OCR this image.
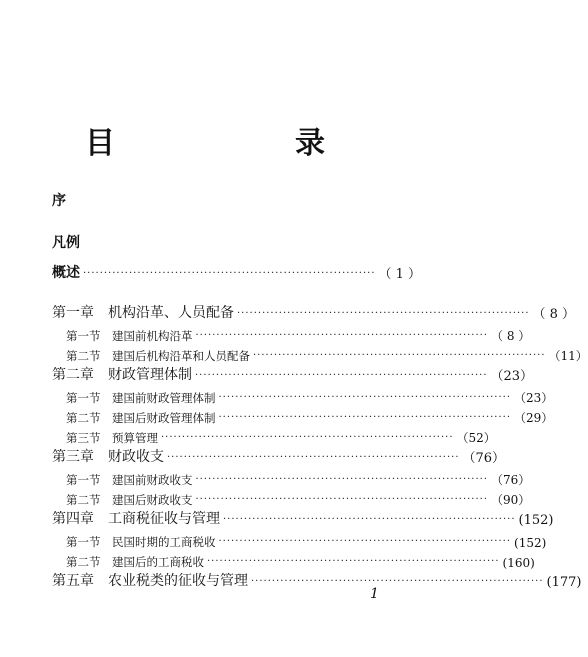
目　　录
序
凡例
概述 ······································································ （ 1 ）
第一章　机构沿革、人员配备 ······································································ （ 8 ）
第一节　建国前机构沿革 ······································································ （ 8 ）
第二节　建国后机构沿革和人员配备 ······································································ （11）
第二章　财政管理体制 ······································································ （23）
第一节　建国前财政管理体制 ······································································ （23）
第二节　建国后财政管理体制 ······································································ （29）
第三节　预算管理 ······································································ （52）
第三章　财政收支 ······································································ （76）
第一节　建国前财政收支 ······································································ （76）
第二节　建国后财政收支 ······································································ （90）
第四章　工商税征收与管理 ······································································ (152)
第一节　民国时期的工商税收 ······································································ (152)
第二节　建国后的工商税收 ······································································ (160)
第五章　农业税类的征收与管理 ······································································ (177)
1
